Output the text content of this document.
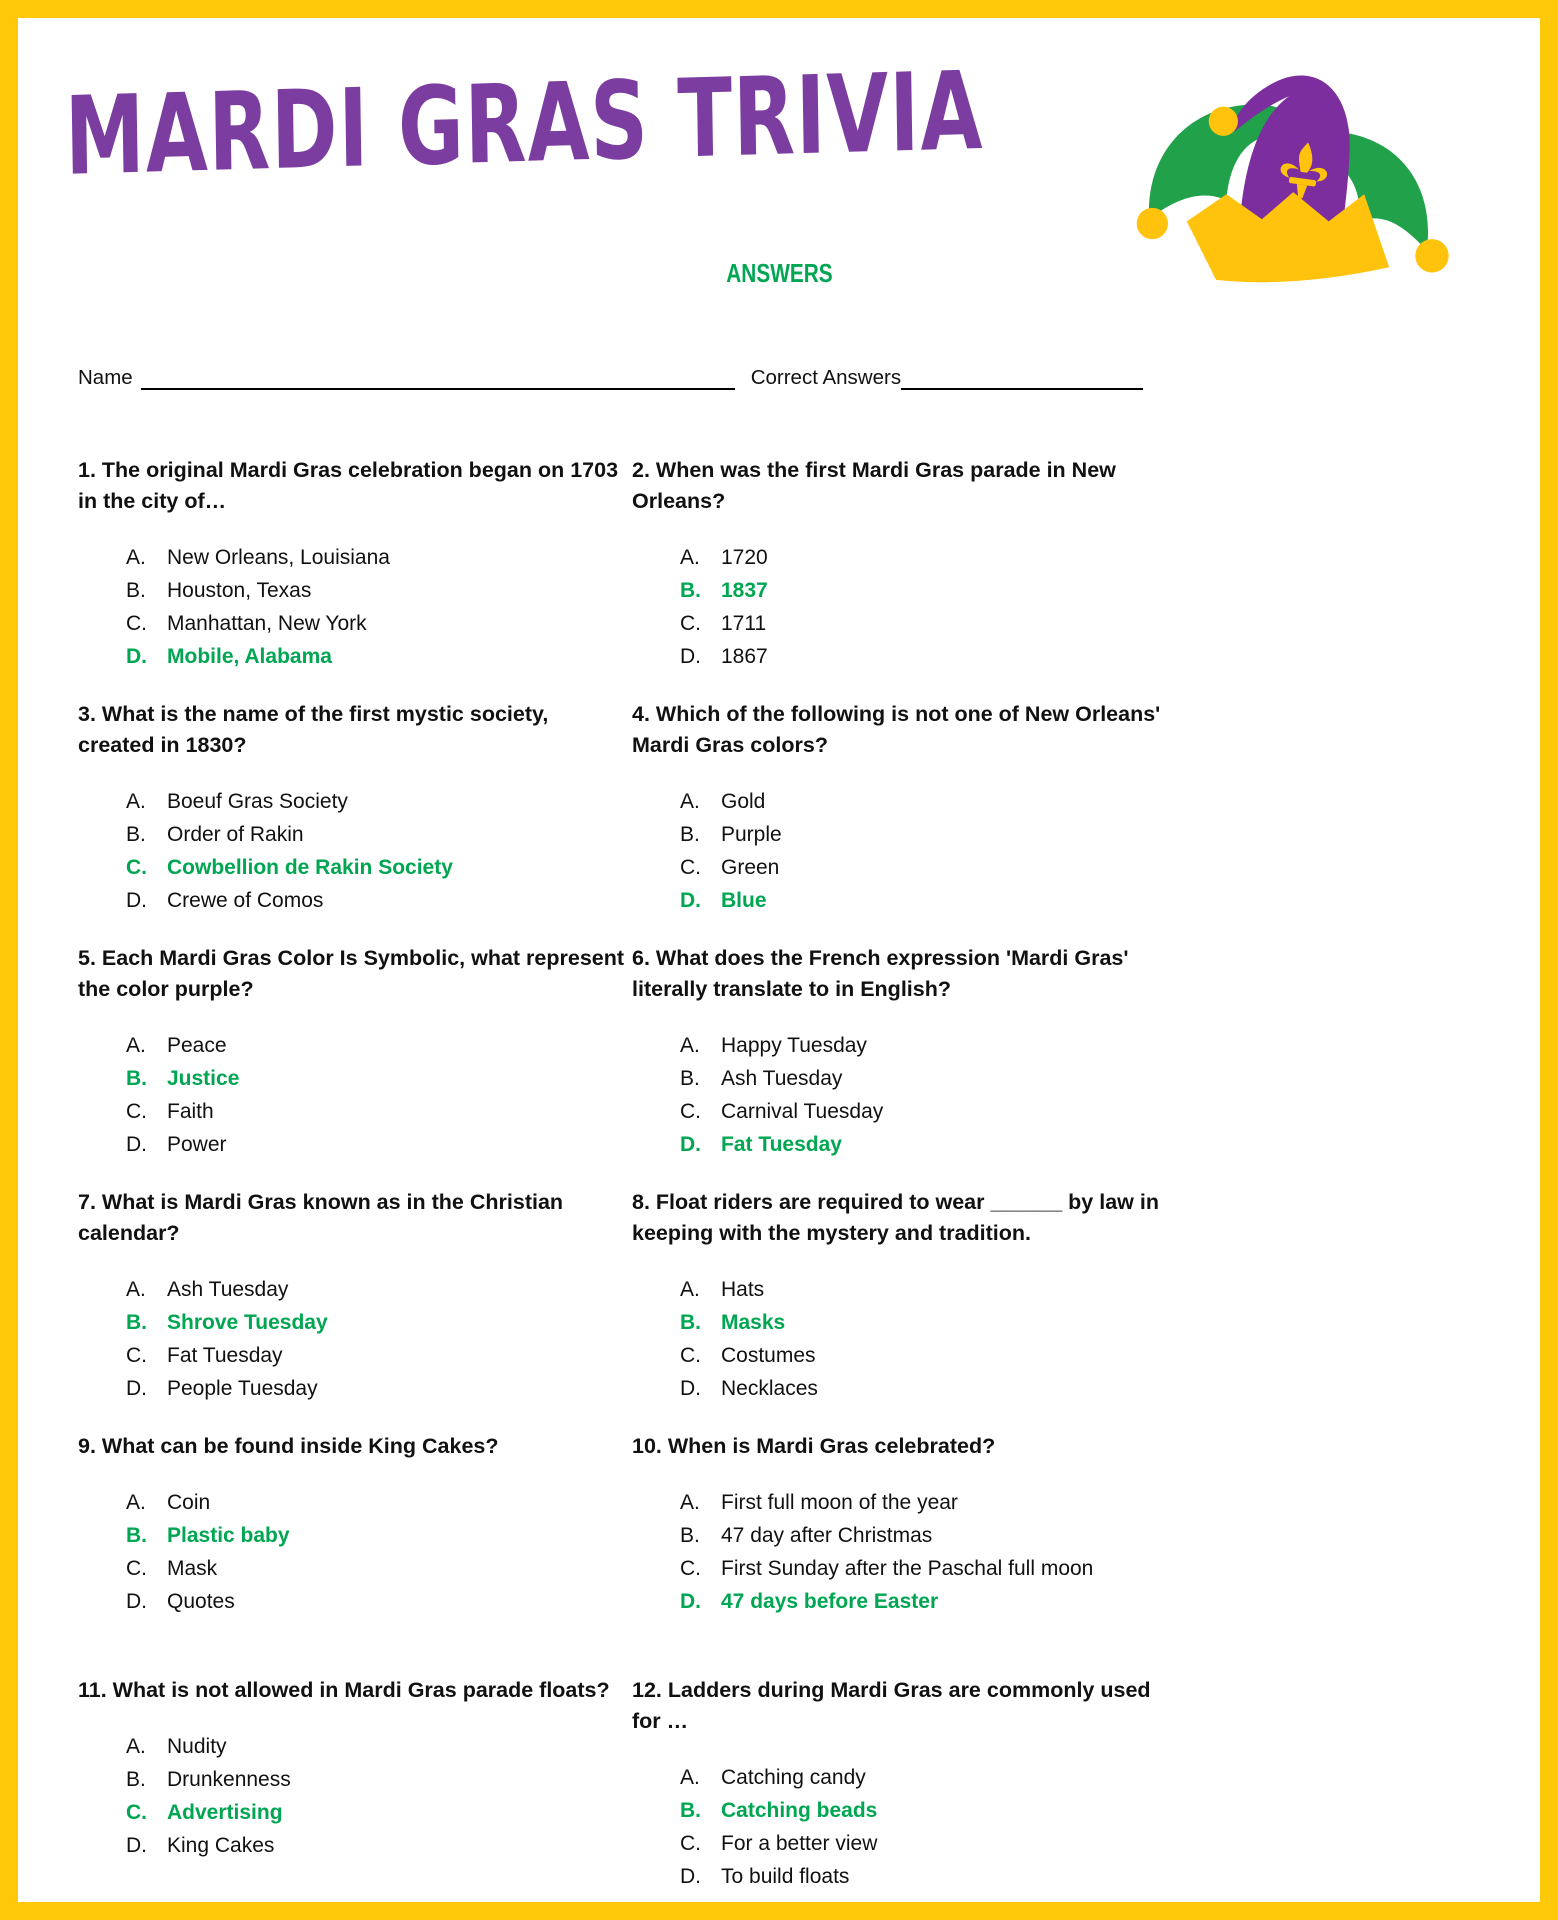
MARDI GRAS TRIVIA
ANSWERS
Name	Correct Answers

1. The original Mardi Gras celebration began on 1703 in the city of…

A. New Orleans, Louisiana
B. Houston, Texas
C. Manhattan, New York
D. Mobile, Alabama

2. When was the first Mardi Gras parade in New Orleans?

A. 1720
B. 1837
C. 1711
D. 1867

3. What is the name of the first mystic society, created in 1830?

A. Boeuf Gras Society
B. Order of Rakin
C. Cowbellion de Rakin Society
D. Crewe of Comos

4. Which of the following is not one of New Orleans' Mardi Gras colors?

A. Gold
B. Purple
C. Green
D. Blue

5. Each Mardi Gras Color Is Symbolic, what represent the color purple?

A. Peace
B. Justice
C. Faith
D. Power

6. What does the French expression 'Mardi Gras' literally translate to in English?

A. Happy Tuesday
B. Ash Tuesday
C. Carnival Tuesday
D. Fat Tuesday

7. What is Mardi Gras known as in the Christian calendar?

A. Ash Tuesday
B. Shrove Tuesday
C. Fat Tuesday
D. People Tuesday

8. Float riders are required to wear ______ by law in keeping with the mystery and tradition.

A. Hats
B. Masks
C. Costumes
D. Necklaces

9. What can be found inside King Cakes?

A. Coin
B. Plastic baby
C. Mask
D. Quotes

10. When is Mardi Gras celebrated?

A. First full moon of the year
B. 47 day after Christmas
C. First Sunday after the Paschal full moon
D. 47 days before Easter

11. What is not allowed in Mardi Gras parade floats?

A. Nudity
B. Drunkenness
C. Advertising
D. King Cakes

12. Ladders during Mardi Gras are commonly used for …

A. Catching candy
B. Catching beads
C. For a better view
D. To build floats
